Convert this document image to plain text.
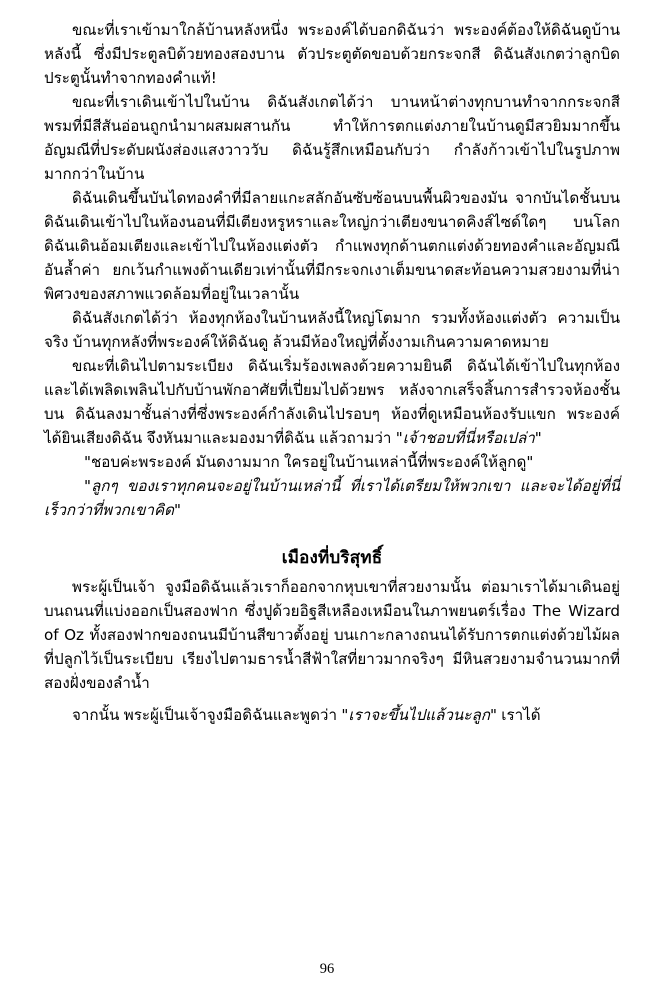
ขณะที่เราเข้ามาใกล้บ้านหลังหนึ่ง พระองค์ได้บอกดิฉันว่า พระองค์ต้องให้ดิฉันดูบ้านหลังนี้ ซึ่งมีประตูลบิด้วยทองสองบาน ตัวประตูตัดขอบด้วยกระจกสี ดิฉันสังเกตว่าลูกบิดประตูนั้นทำจากทองคำแท้!

ขณะที่เราเดินเข้าไปในบ้าน ดิฉันสังเกตได้ว่า บานหน้าต่างทุกบานทำจากกระจกสีพรมที่มีสีสันอ่อนถูกนำมาผสมผสานกัน ทำให้การตกแต่งภายในบ้านดูมีสวยิมมากขึ้น อัญมณีที่ประดับผนังส่องแสงวาววับ ดิฉันรู้สึกเหมือนกับว่า กำลังก้าวเข้าไปในรูปภาพมากกว่าในบ้าน

ดิฉันเดินขึ้นบันไดทองคำที่มีลายแกะสลักอันซับซ้อนบนพื้นผิวของมัน จากบันไดชั้นบนดิฉันเดินเข้าไปในห้องนอนที่มีเตียงหรูหราและใหญ่กว่าเตียงขนาดคิงส์ไซด์ใดๆ บนโลก ดิฉันเดินอ้อมเตียงและเข้าไปในห้องแต่งตัว กำแพงทุกด้านตกแต่งด้วยทองคำและอัญมณีอันล้ำค่า ยกเว้นกำแพงด้านเดียวเท่านั้นที่มีกระจกเงาเต็มขนาดสะท้อนความสวยงามที่น่าพิศวงของสภาพแวดล้อมที่อยู่ในเวลานั้น

ดิฉันสังเกตได้ว่า ห้องทุกห้องในบ้านหลังนี้ใหญ่โตมาก รวมทั้งห้องแต่งตัว ความเป็นจริง บ้านทุกหลังที่พระองค์ให้ดิฉันดู ล้วนมีห้องใหญ่ที่ตั้งงามเกินความคาดหมาย

ขณะที่เดินไปตามระเบียง ดิฉันเริ่มร้องเพลงด้วยความยินดี ดิฉันได้เข้าไปในทุกห้องและได้เพลิดเพลินไปกับบ้านพักอาศัยที่เปี่ยมไปด้วยพร หลังจากเสร็จสิ้นการสำรวจห้องชั้นบน ดิฉันลงมาชั้นล่างที่ซึ่งพระองค์กำลังเดินไปรอบๆ ห้องที่ดูเหมือนห้องรับแขก พระองค์ได้ยินเสียงดิฉัน จึงหันมาและมองมาที่ดิฉัน แล้วถามว่า "เจ้าชอบที่นี่หรือเปล่า"

"ชอบค่ะพระองค์ มันดงามมาก ใครอยู่ในบ้านเหล่านี้ที่พระองค์ให้ลูกดู"

"ลูกๆ ของเราทุกคนจะอยู่ในบ้านเหล่านี้ ที่เราได้เตรียมให้พวกเขา และจะได้อยู่ที่นี่เร็วกว่าที่พวกเขาคิด"

เมืองที่บริสุทธิ์

พระผู้เป็นเจ้า จูงมือดิฉันแล้วเราก็ออกจากหุบเขาที่สวยงามนั้น ต่อมาเราได้มาเดินอยู่บนถนนที่แบ่งออกเป็นสองฟาก ซึ่งปูด้วยอิฐสีเหลืองเหมือนในภาพยนตร์เรื่อง The Wizard of Oz ทั้งสองฟากของถนนมีบ้านสีขาวตั้งอยู่ บนเกาะกลางถนนได้รับการตกแต่งด้วยไม้ผล ที่ปลูกไว้เป็นระเบียบ เรียงไปตามธารน้ำสีฟ้าใสที่ยาวมากจริงๆ มีหินสวยงามจำนวนมากที่สองฝั่งของลำน้ำ

จากนั้น พระผู้เป็นเจ้าจูงมือดิฉันและพูดว่า "เราจะขึ้นไปแล้วนะลูก" เราได้

96
